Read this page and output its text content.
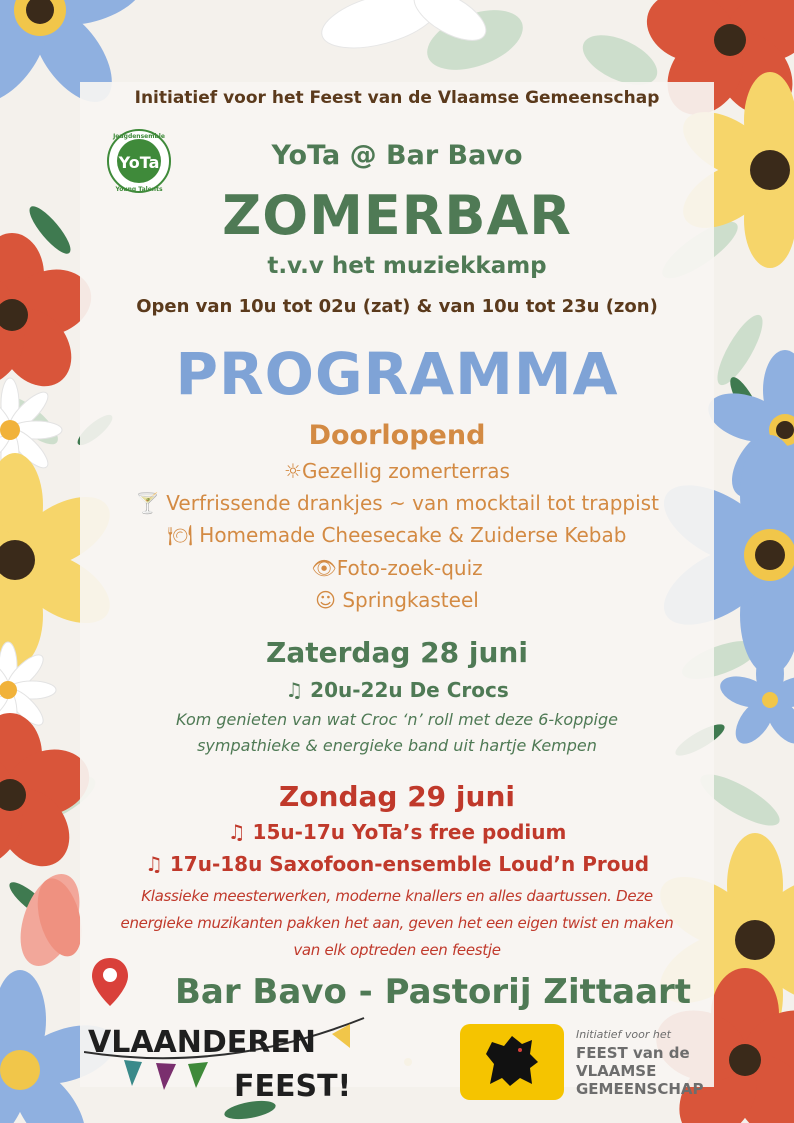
Initiatief voor het Feest van de Vlaamse Gemeenschap
YoTa
Jeugdensemble
Young Talents
YoTa @ Bar Bavo
ZOMERBAR
t.v.v het muziekkamp
Open van 10u tot 02u (zat) & van 10u tot 23u (zon)
PROGRAMMA
Doorlopend
☼Gezellig zomerterras
🍸 Verfrissende drankjes ~ van mocktail tot trappist
🍽 Homemade Cheesecake & Zuiderse Kebab
👁Foto-zoek-quiz
☺ Springkasteel
Zaterdag 28 juni
♫ 20u-22u De Crocs
Kom genieten van wat Croc ‘n’ roll met deze 6-koppige
sympathieke & energieke band uit hartje Kempen
Zondag 29 juni
♫ 15u-17u YoTa’s free podium
♫ 17u-18u Saxofoon-ensemble Loud’n Proud
Klassieke meesterwerken, moderne knallers en alles daartussen. Deze
energieke muzikanten pakken het aan, geven het een eigen twist en maken
van elk optreden een feestje
Bar Bavo - Pastorij Zittaart
VLAANDEREN
FEEST!
Initiatief voor het
FEEST van de
VLAAMSE
GEMEENSCHAP
